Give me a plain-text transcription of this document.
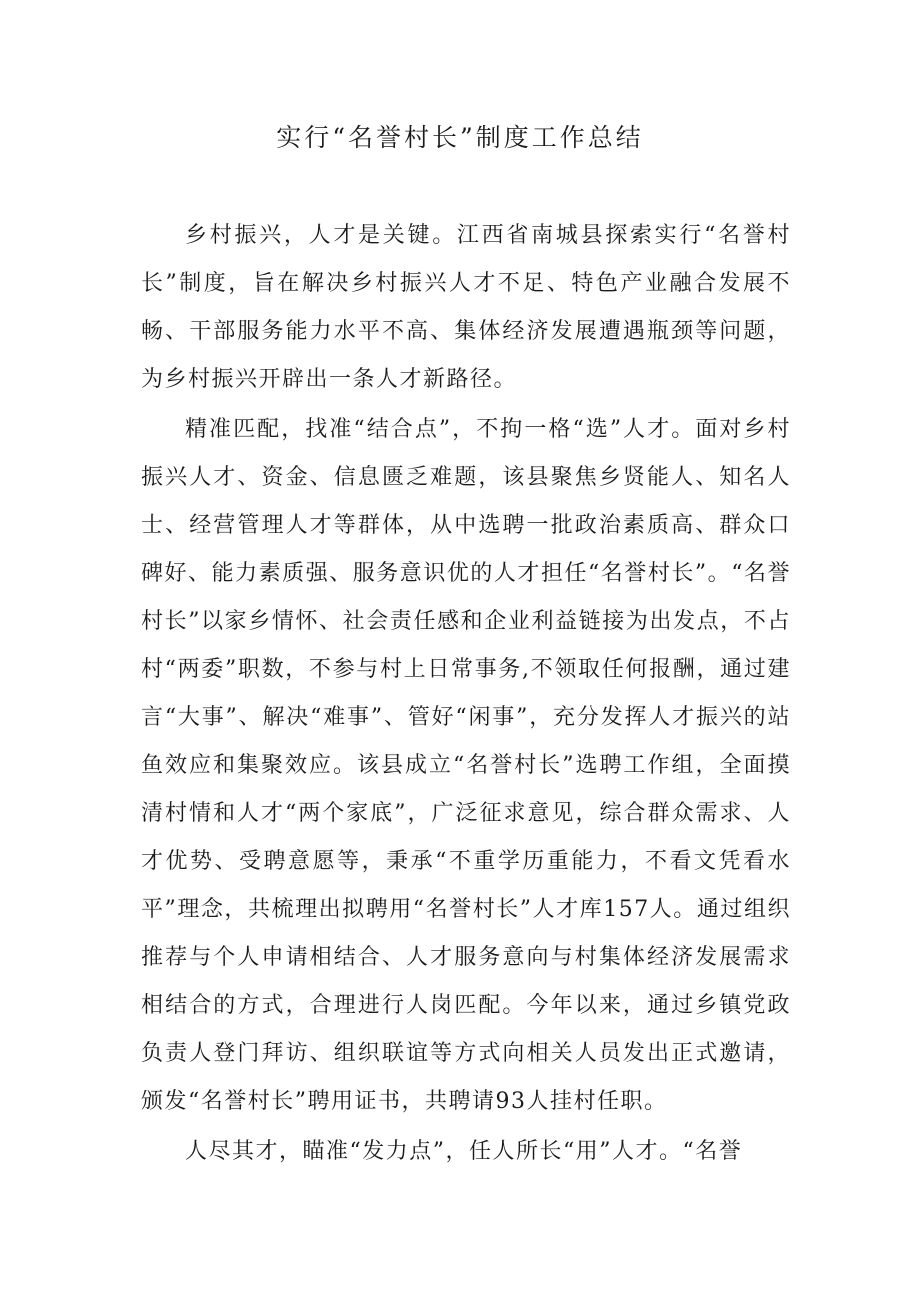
实行“名誉村长”制度工作总结

乡村振兴，人才是关键。江西省南城县探索实行“名誉村长”制度，旨在解决乡村振兴人才不足、特色产业融合发展不畅、干部服务能力水平不高、集体经济发展遭遇瓶颈等问题，为乡村振兴开辟出一条人才新路径。

精准匹配，找准“结合点”，不拘一格“选”人才。面对乡村振兴人才、资金、信息匮乏难题，该县聚焦乡贤能人、知名人士、经营管理人才等群体，从中选聘一批政治素质高、群众口碑好、能力素质强、服务意识优的人才担任“名誉村长”。“名誉村长”以家乡情怀、社会责任感和企业利益链接为出发点，不占村“两委”职数，不参与村上日常事务,不领取任何报酬，通过建言“大事”、解决“难事”、管好“闲事”，充分发挥人才振兴的站鱼效应和集聚效应。该县成立“名誉村长”选聘工作组，全面摸清村情和人才“两个家底”，广泛征求意见，综合群众需求、人才优势、受聘意愿等，秉承“不重学历重能力，不看文凭看水平”理念，共梳理出拟聘用“名誉村长”人才库157人。通过组织推荐与个人申请相结合、人才服务意向与村集体经济发展需求相结合的方式，合理进行人岗匹配。今年以来，通过乡镇党政负责人登门拜访、组织联谊等方式向相关人员发出正式邀请，颁发“名誉村长”聘用证书，共聘请93人挂村任职。

人尽其才，瞄准“发力点”，任人所长“用”人才。“名誉
